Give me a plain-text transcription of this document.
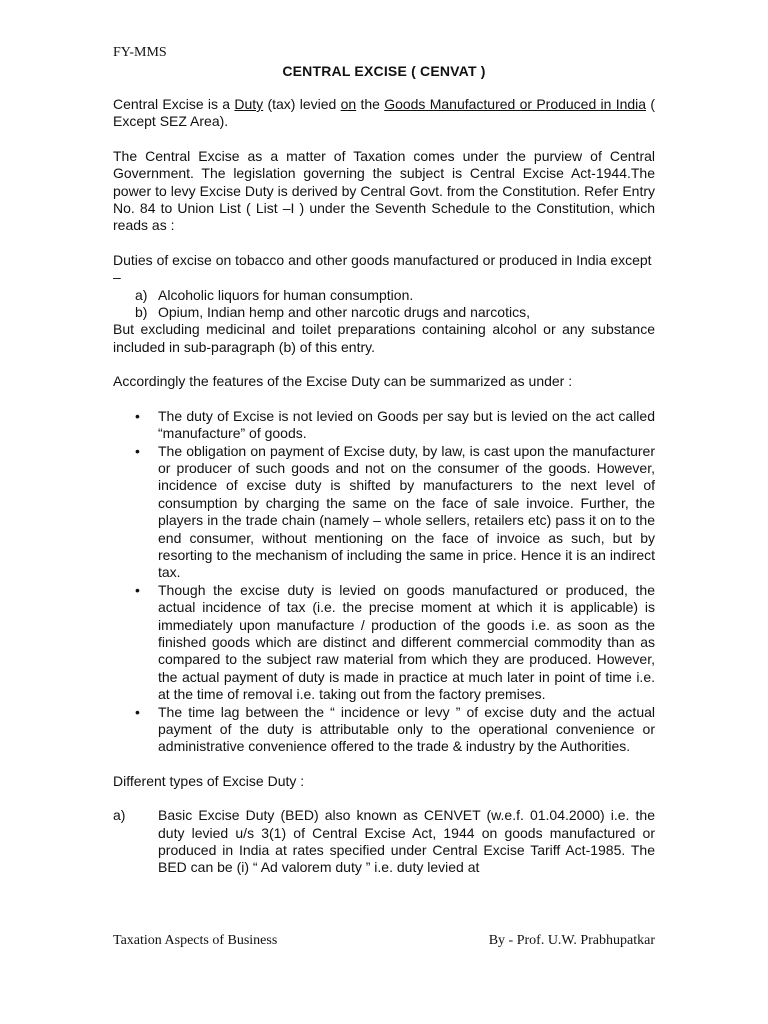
FY-MMS
CENTRAL EXCISE ( CENVAT )

Central Excise is a Duty (tax) levied on the Goods Manufactured or Produced in India ( Except SEZ Area).

The Central Excise as a matter of Taxation comes under the purview of Central Government. The legislation governing the subject is Central Excise Act-1944.The power to levy Excise Duty is derived by Central Govt. from the Constitution. Refer Entry No. 84 to Union List ( List –I ) under the Seventh Schedule to the Constitution, which reads as :

Duties of excise on tobacco and other goods manufactured or produced in India except –
a) Alcoholic liquors for human consumption.
b) Opium, Indian hemp and other narcotic drugs and narcotics,
But excluding medicinal and toilet preparations containing alcohol or any substance included in sub-paragraph (b) of this entry.

Accordingly the features of the Excise Duty can be summarized as under :

• The duty of Excise is not levied on Goods per say but is levied on the act called “manufacture” of goods.
• The obligation on payment of Excise duty, by law, is cast upon the manufacturer or producer of such goods and not on the consumer of the goods. However, incidence of excise duty is shifted by manufacturers to the next level of consumption by charging the same on the face of sale invoice. Further, the players in the trade chain (namely – whole sellers, retailers etc) pass it on to the end consumer, without mentioning on the face of invoice as such, but by resorting to the mechanism of including the same in price. Hence it is an indirect tax.
• Though the excise duty is levied on goods manufactured or produced, the actual incidence of tax (i.e. the precise moment at which it is applicable) is immediately upon manufacture / production of the goods i.e. as soon as the finished goods which are distinct and different commercial commodity than as compared to the subject raw material from which they are produced. However, the actual payment of duty is made in practice at much later in point of time i.e. at the time of removal i.e. taking out from the factory premises.
• The time lag between the “ incidence or levy ” of excise duty and the actual payment of the duty is attributable only to the operational convenience or administrative convenience offered to the trade & industry by the Authorities.

Different types of Excise Duty :

a) Basic Excise Duty (BED) also known as CENVET (w.e.f. 01.04.2000) i.e. the duty levied u/s 3(1) of Central Excise Act, 1944 on goods manufactured or produced in India at rates specified under Central Excise Tariff Act-1985. The BED can be (i) “ Ad valorem duty ” i.e. duty levied at
Taxation Aspects of Business	By - Prof. U.W. Prabhupatkar
